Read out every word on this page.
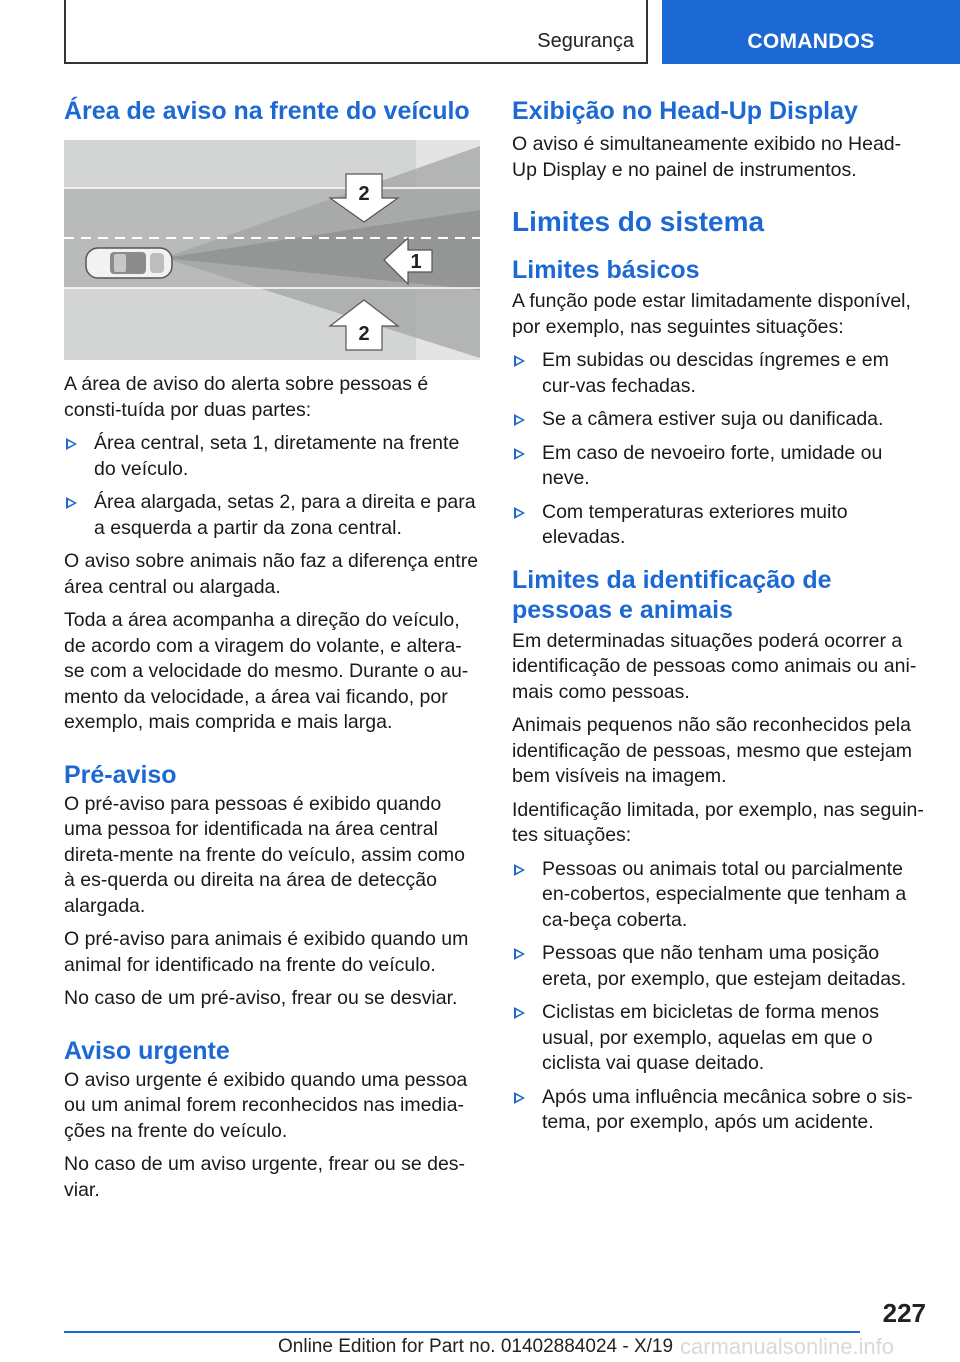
Segurança	COMANDOS
Área de aviso na frente do veículo
2
1
2

A área de aviso do alerta sobre pessoas é consti-tuída por duas partes:

Área central, seta 1, diretamente na frente do veículo.
Área alargada, setas 2, para a direita e para a esquerda a partir da zona central.

O aviso sobre animais não faz a diferença entre área central ou alargada.

Toda a área acompanha a direção do veículo, de acordo com a viragem do volante, e altera-se com a velocidade do mesmo. Durante o au-mento da velocidade, a área vai ficando, por exemplo, mais comprida e mais larga.

Pré-aviso

O pré-aviso para pessoas é exibido quando uma pessoa for identificada na área central direta-mente na frente do veículo, assim como à es-querda ou direita na área de detecção alargada.

O pré-aviso para animais é exibido quando um animal for identificado na frente do veículo.

No caso de um pré-aviso, frear ou se desviar.

Aviso urgente

O aviso urgente é exibido quando uma pessoa ou um animal forem reconhecidos nas imedia-ções na frente do veículo.

No caso de um aviso urgente, frear ou se des-viar.

Exibição no Head-Up Display

O aviso é simultaneamente exibido no Head-Up Display e no painel de instrumentos.

Limites do sistema
Limites básicos

A função pode estar limitadamente disponível, por exemplo, nas seguintes situações:

Em subidas ou descidas íngremes e em cur-vas fechadas.
Se a câmera estiver suja ou danificada.
Em caso de nevoeiro forte, umidade ou neve.
Com temperaturas exteriores muito elevadas.
Limites da identificação de pessoas e animais

Em determinadas situações poderá ocorrer a identificação de pessoas como animais ou ani-mais como pessoas.

Animais pequenos não são reconhecidos pela identificação de pessoas, mesmo que estejam bem visíveis na imagem.

Identificação limitada, por exemplo, nas seguin-tes situações:

Pessoas ou animais total ou parcialmente en-cobertos, especialmente que tenham a ca-beça coberta.
Pessoas que não tenham uma posição ereta, por exemplo, que estejam deitadas.
Ciclistas em bicicletas de forma menos usual, por exemplo, aquelas em que o ciclista vai quase deitado.
Após uma influência mecânica sobre o sis-tema, por exemplo, após um acidente.
227
Online Edition for Part no. 01402884024 - X/19 carmanualsonline.info
